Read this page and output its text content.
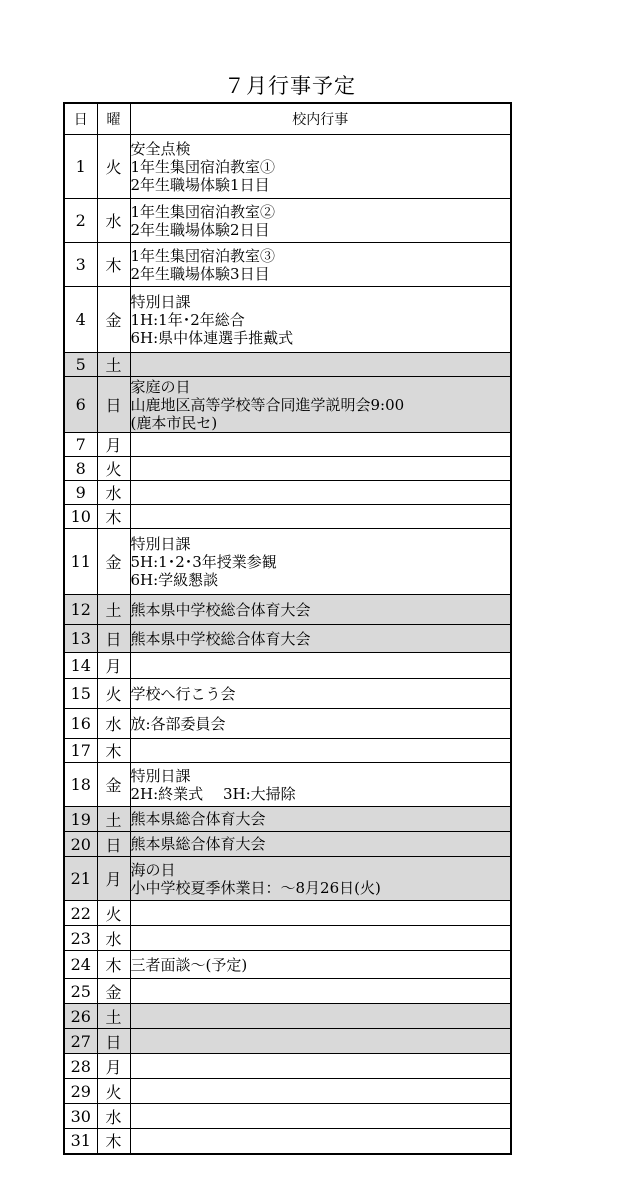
７月行事予定
日	曜	校内行事
1	火	安全点検
1年生集団宿泊教室①
2年生職場体験1日目

2	水	1年生集団宿泊教室②
2年生職場体験2日目

3	木	1年生集団宿泊教室③
2年生職場体験3日目

4	金	特別日課
1H:1年･2年総合
6H:県中体連選手推戴式

5	土	
6	日	家庭の日
山鹿地区高等学校等合同進学説明会9:00
(鹿本市民セ)

7	月	
8	火	
9	水	
10	木	
11	金	特別日課
5H:1･2･3年授業参観
6H:学級懇談

12	土	熊本県中学校総合体育大会

13	日	熊本県中学校総合体育大会

14	月	
15	火	学校へ行こう会

16	水	放:各部委員会

17	木	
18	金	特別日課
2H:終業式　 3H:大掃除

19	土	熊本県総合体育大会

20	日	熊本県総合体育大会

21	月	海の日
小中学校夏季休業日：～8月26日(火)

22	火	
23	水	
24	木	三者面談～(予定)

25	金	
26	土	
27	日	
28	月	
29	火	
30	水	
31	木	
